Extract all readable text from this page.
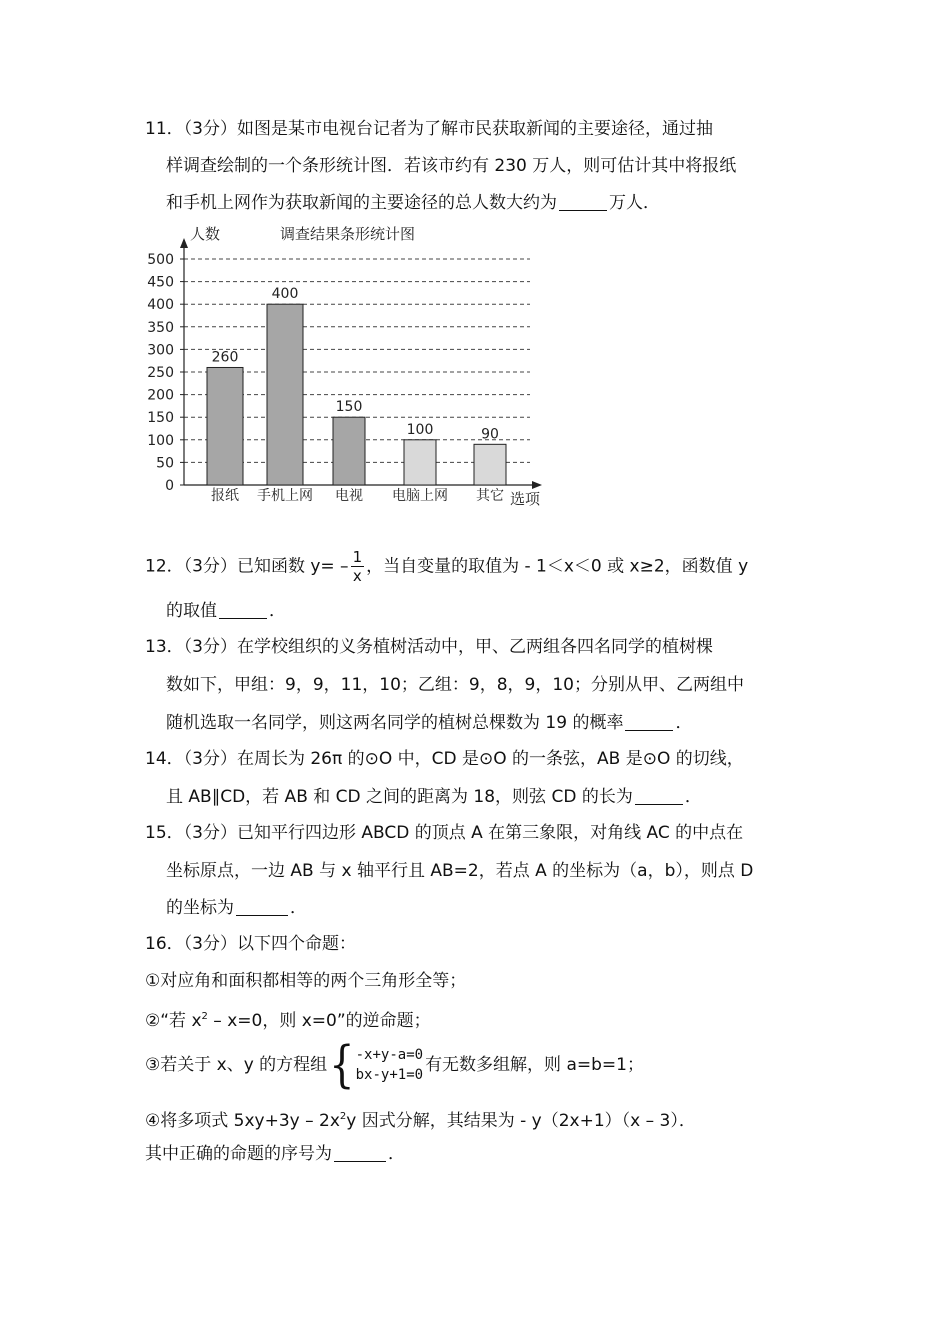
11．（3分）如图是某市电视台记者为了解市民获取新闻的主要途径，通过抽
样调查绘制的一个条形统计图．若该市约有 230 万人，则可估计其中将报纸
和手机上网作为获取新闻的主要途径的总人数大约为	万人．
0
50
100
150
200
250
300
350
400
450
500
人数	调查结果条形统计图
选项
260
报纸
400
手机上网
150
电视
100
电脑上网
90
其它
12．（3分）已知函数 $y= - \frac{1}{x}$ ，当自变量的取值为 - 1＜x＜0 或 x≥2，函数值 y
的取值	．
13．（3分）在学校组织的义务植树活动中，甲、乙两组各四名同学的植树棵
数如下，甲组：9，9，11，10；乙组：9，8，9，10；分别从甲、乙两组中
随机选取一名同学，则这两名同学的植树总棵数为 19 的概率	．
14．（3分）在周长为 26π 的⊙O 中，CD 是⊙O 的一条弦，AB 是⊙O 的切线，
且 AB∥CD，若 AB 和 CD 之间的距离为 18，则弦 CD 的长为	．
15．（3分）已知平行四边形 ABCD 的顶点 A 在第三象限，对角线 AC 的中点在
坐标原点，一边 AB 与 x 轴平行且 AB=2，若点 A 的坐标为（a，b），则点 D
的坐标为	．
16．（3分）以下四个命题：
①对应角和面积都相等的两个三角形全等；
②“若 $x^2 - x=0$，则 x=0”的逆命题；
③若关于 x、y 的方程组 { -x+y-a=0
bx-y+1=0 有无数多组解，则 a=b=1；
④将多项式 $5xy+3y - 2x^2y$ 因式分解，其结果为 - y（2x+1）（x – 3）．
其中正确的命题的序号为	．
